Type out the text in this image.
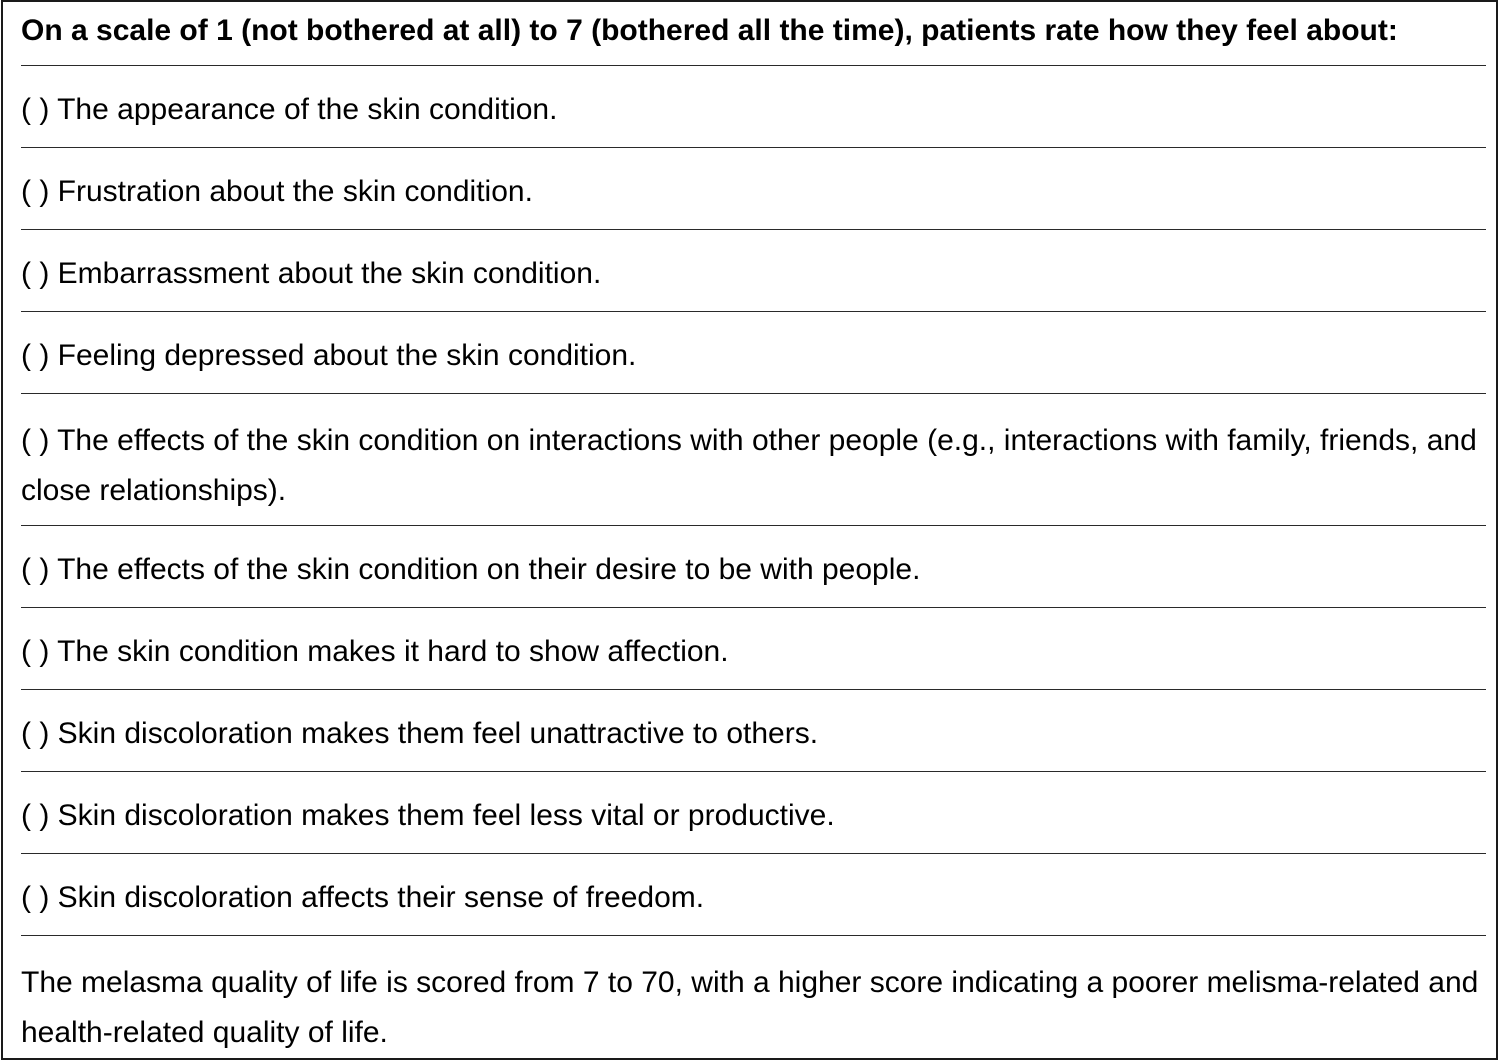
On a scale of 1 (not bothered at all) to 7 (bothered all the time), patients rate how they feel about:
( ) The appearance of the skin condition.
( ) Frustration about the skin condition.
( ) Embarrassment about the skin condition.
( ) Feeling depressed about the skin condition.
( ) The effects of the skin condition on interactions with other people (e.g., interactions with family, friends, and close relationships).
( ) The effects of the skin condition on their desire to be with people.
( ) The skin condition makes it hard to show affection.
( ) Skin discoloration makes them feel unattractive to others.
( ) Skin discoloration makes them feel less vital or productive.
( ) Skin discoloration affects their sense of freedom.
The melasma quality of life is scored from 7 to 70, with a higher score indicating a poorer melisma-related and health-related quality of life.
